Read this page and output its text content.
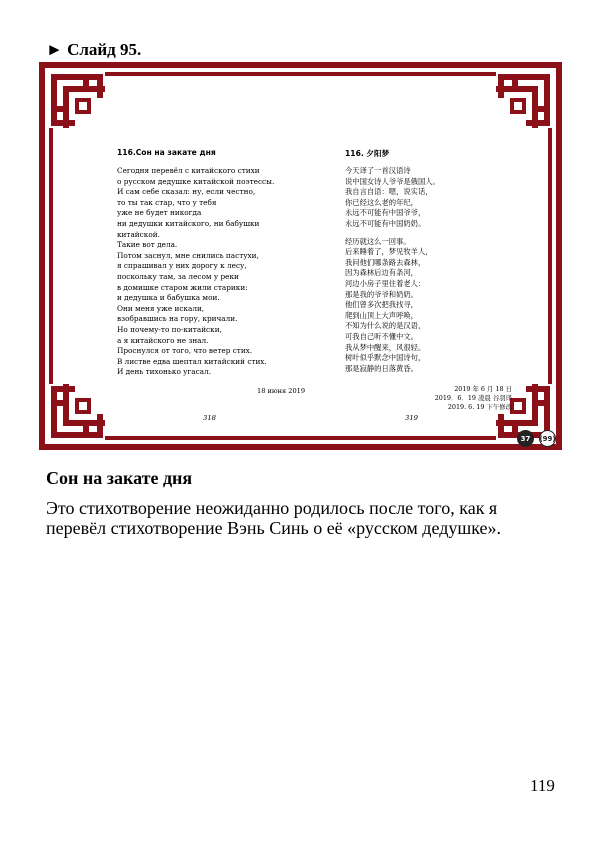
► Слайд 95.
116.Сон на закате дня
Сегодня перевёл с китайского стихи
о русском дедушке китайской поэтессы.
И сам себе сказал: ну, если честно,
то ты так стар, что у тебя
уже не будет никогда
ни дедушки китайского, ни бабушки
китайской.
Такие вот дела.
Потом заснул, мне снились пастухи,
я спрашивал у них дорогу к лесу,
поскольку там, за лесом у реки
в домишке старом жили старики:
и дедушка и бабушка мои.
Они меня уже искали,
взобравшись на гору, кричали.
Но почему-то по-китайски,
а я китайского не знал.
Проснулся от того, что ветер стих.
В листве едва шептал китайский стих.
И день тихонько угасал.
18 июня 2019
318
116. 夕阳梦
今天译了一首汉语诗
说中国女诗人爷爷是俄国人。
我自言自语：嗯，说实话，
你已经这么老的年纪，
永远不可能有中国爷爷，
永远不可能有中国奶奶。
经历就这么一回事。
后来睡着了，梦见牧羊人，
我问他们哪条路去森林，
因为森林后边有条河，
河边小房子里住着老人：
那是我的爷爷和奶奶。
他们曾多次把我找寻，
爬到山顶上大声呼唤，
不知为什么说的是汉语，
可我自己听不懂中文。
我从梦中醒来，风很轻。
树叶似乎默念中国诗句，
那是寂静的日落黄昏。
2019 年 6 月 18 日
2019．6．19 凌晨 谷羽译
2019. 6. 19 下午修改
319
37	(99)
Сон на закате дня
Это стихотворение неожиданно родилось после того, как я перевёл стихотворение Вэнь Синь о её «русском дедушке».
119
